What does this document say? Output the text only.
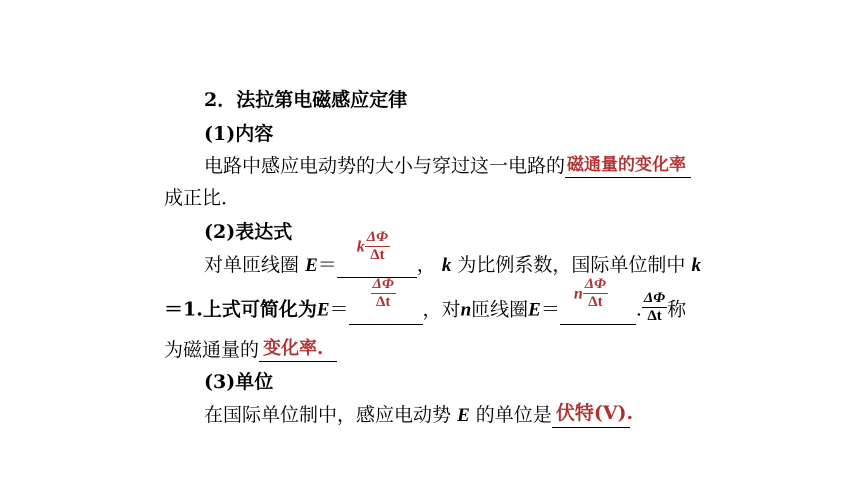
2．法拉第电磁感应定律
(1)内容
电路中感应电动势的大小与穿过这一电路的 磁通量的变化率
成正比．
(2)表达式
对单匝线圈 E＝
k $\frac{\Delta\Phi}{\Delta t}$
， k 为比例系数，国际单位制中 k
＝1.上式可简化为$E= \frac{\Delta\Phi}{\Delta t}$ ，对n匝线圈E＝
n $\frac{\Delta\Phi}{\Delta t}$ . $\frac{\Delta\Phi}{\Delta t}$ 称
为磁通量的 变化率.
(3)单位
在国际单位制中，感应电动势 E 的单位是 伏特(V).
